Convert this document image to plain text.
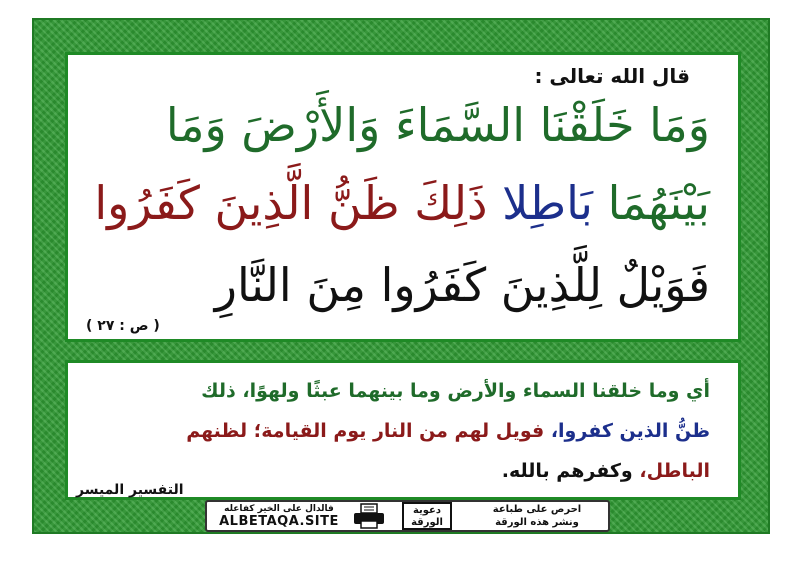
قال الله تعالى :
وَمَا خَلَقْنَا السَّمَاءَ وَالأَرْضَ وَمَا
بَيْنَهُمَا بَاطِلا ذَلِكَ ظَنُّ الَّذِينَ كَفَرُوا
فَوَيْلٌ لِلَّذِينَ كَفَرُوا مِنَ النَّارِ
( ص : ٢٧ )
أي وما خلقنا السماء والأرض وما بينهما عبثًا ولهوًا، ذلك
ظنُّ الذين كفروا، فويل لهم من النار يوم القيامة؛ لظنهم
الباطل، وكفرهم بالله.
التفسير الميسر
فالدال على الخير كفاعله
ALBETAQA.SITE
دعوية
الورقة
احرص على طباعة
ونشر هذه الورقة
